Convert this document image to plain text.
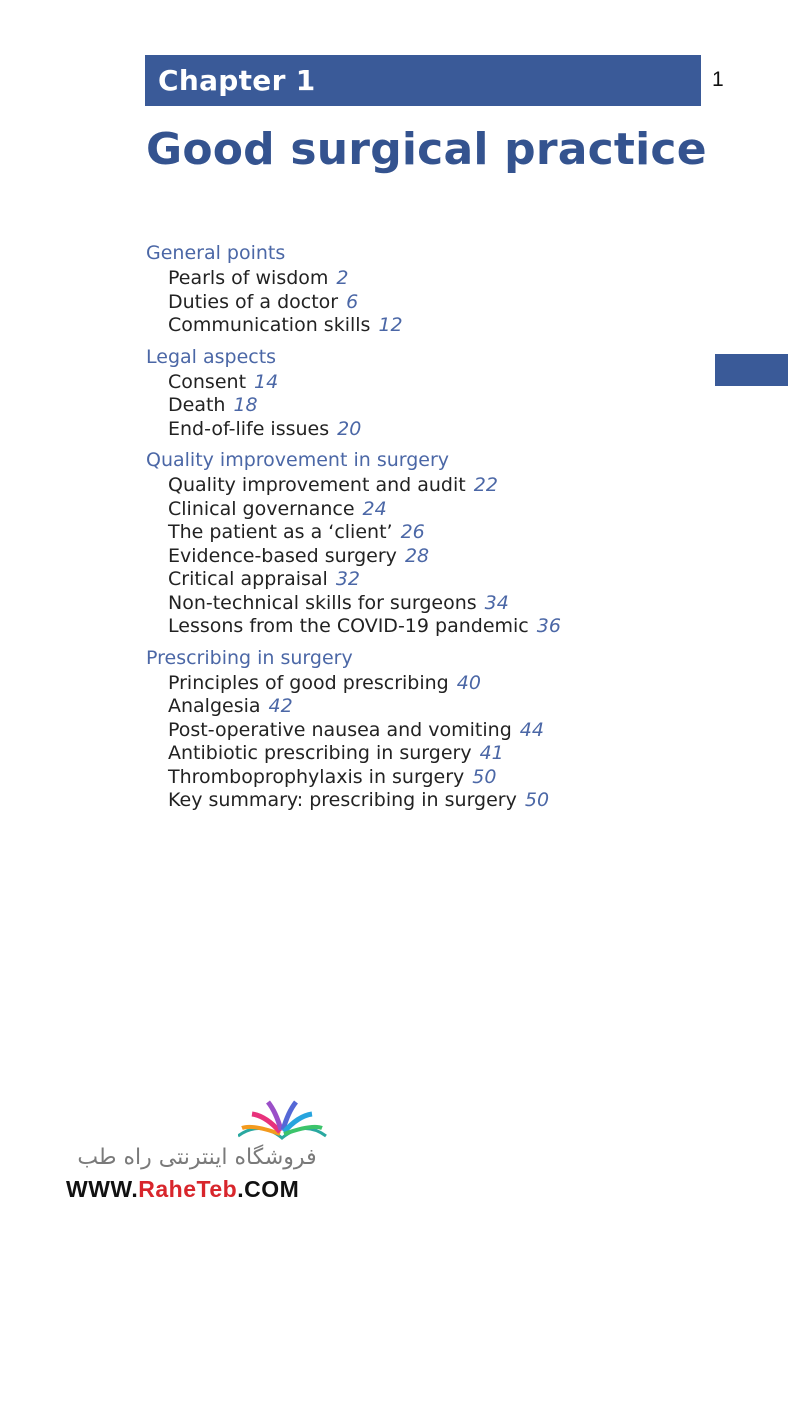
Chapter 1	1
Good surgical practice
General points
Pearls of wisdom 2
Duties of a doctor 6
Communication skills 12
Legal aspects
Consent 14
Death 18
End-of-life issues 20
Quality improvement in surgery
Quality improvement and audit 22
Clinical governance 24
The patient as a ‘client’ 26
Evidence-based surgery 28
Critical appraisal 32
Non-technical skills for surgeons 34
Lessons from the COVID-19 pandemic 36
Prescribing in surgery
Principles of good prescribing 40
Analgesia 42
Post-operative nausea and vomiting 44
Antibiotic prescribing in surgery 41
Thromboprophylaxis in surgery 50
Key summary: prescribing in surgery 50
فروشگاه اینترنتی راه طب
WWW.RaheTeb.COM
